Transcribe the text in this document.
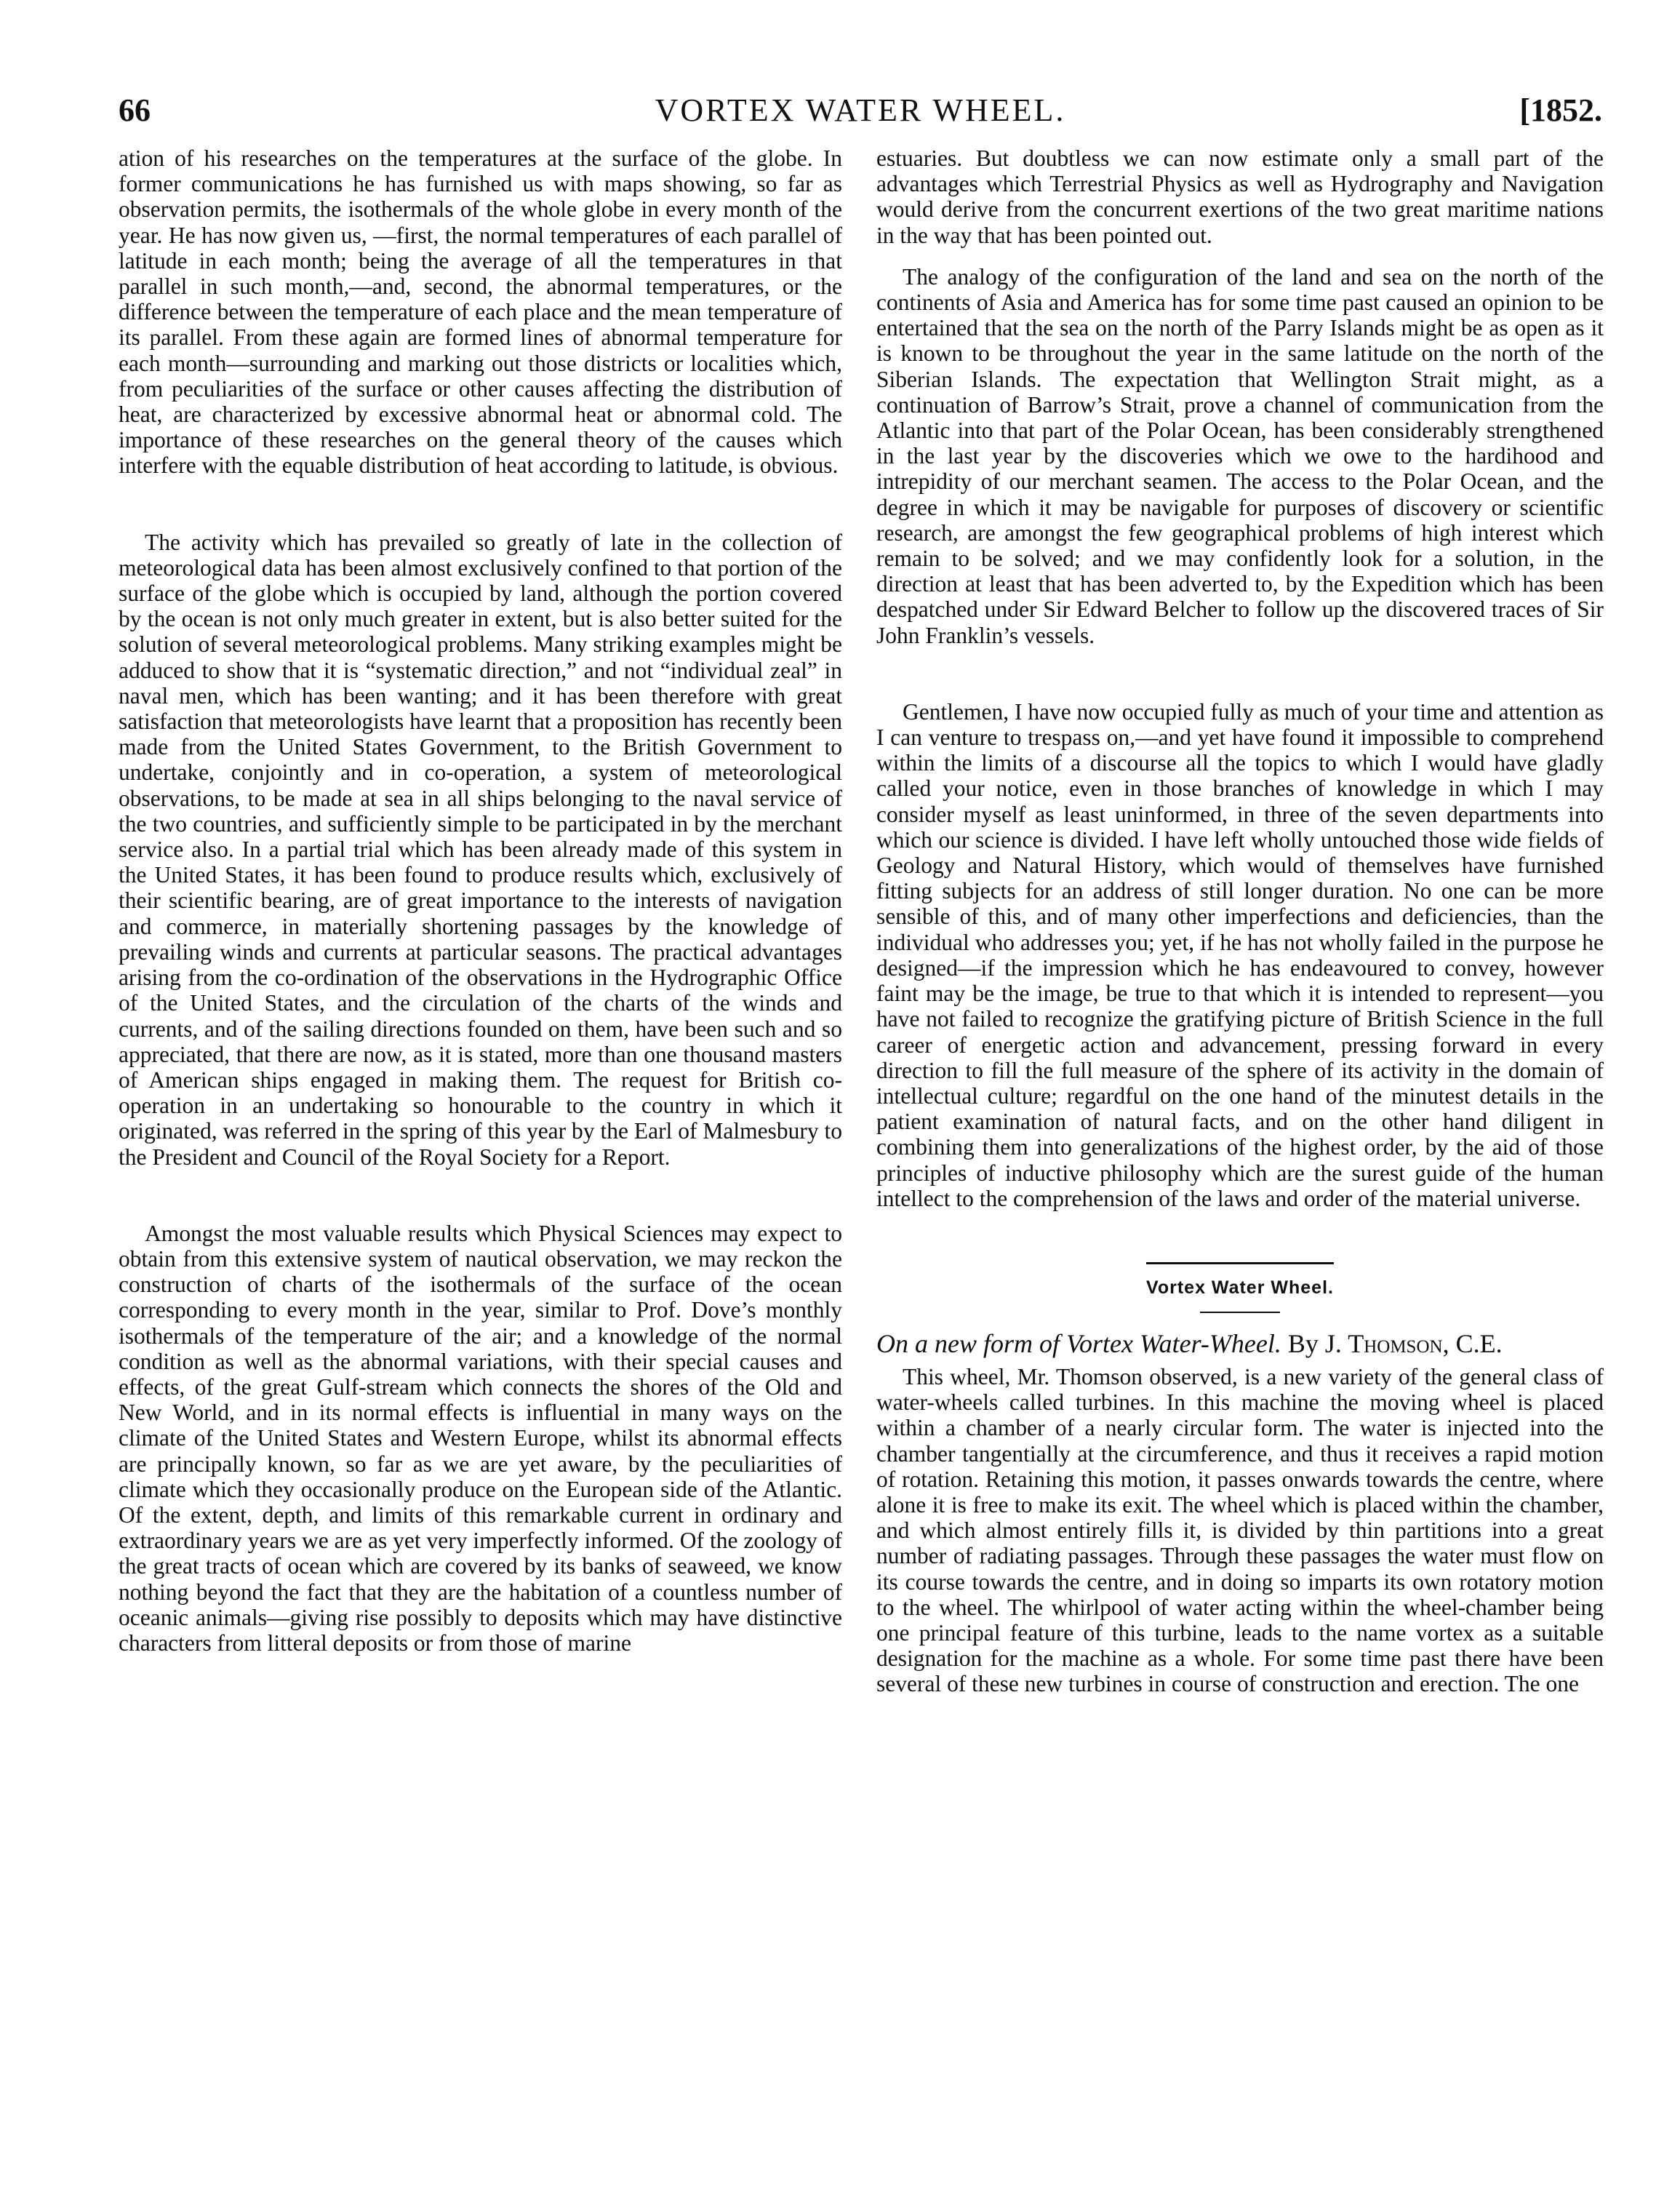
66	VORTEX WATER WHEEL.	[1852.

ation of his researches on the temperatures at the surface of the globe. In former communications he has furnished us with maps showing, so far as observation permits, the isothermals of the whole globe in every month of the year. He has now given us, —first, the normal temperatures of each parallel of latitude in each month; being the average of all the temperatures in that parallel in such month,—and, second, the abnormal temperatures, or the difference between the temperature of each place and the mean temperature of its parallel. From these again are formed lines of abnormal temperature for each month—surrounding and marking out those districts or localities which, from peculiarities of the surface or other causes affecting the distribution of heat, are characterized by excessive abnormal heat or abnormal cold. The importance of these researches on the general theory of the causes which interfere with the equable distribution of heat according to latitude, is obvious.

The activity which has prevailed so greatly of late in the collection of meteorological data has been almost exclusively confined to that portion of the surface of the globe which is occupied by land, although the portion covered by the ocean is not only much greater in extent, but is also better suited for the solution of several meteorological problems. Many striking examples might be adduced to show that it is “systematic direction,” and not “individual zeal” in naval men, which has been wanting; and it has been therefore with great satisfaction that meteorologists have learnt that a proposition has recently been made from the United States Government, to the British Government to undertake, conjointly and in co-operation, a system of meteorological observations, to be made at sea in all ships belonging to the naval service of the two countries, and sufficiently simple to be participated in by the merchant service also. In a partial trial which has been already made of this system in the United States, it has been found to produce results which, exclusively of their scientific bearing, are of great importance to the interests of navigation and commerce, in materially shortening passages by the knowledge of prevailing winds and currents at particular seasons. The practical advantages arising from the co-ordination of the observations in the Hydrographic Office of the United States, and the circulation of the charts of the winds and currents, and of the sailing directions founded on them, have been such and so appreciated, that there are now, as it is stated, more than one thousand masters of American ships engaged in making them. The request for British co-operation in an undertaking so honourable to the country in which it originated, was referred in the spring of this year by the Earl of Malmesbury to the President and Council of the Royal Society for a Report.

Amongst the most valuable results which Physical Sciences may expect to obtain from this extensive system of nautical observation, we may reckon the construction of charts of the isothermals of the surface of the ocean corresponding to every month in the year, similar to Prof. Dove’s monthly isothermals of the temperature of the air; and a knowledge of the normal condition as well as the abnormal variations, with their special causes and effects, of the great Gulf-stream which connects the shores of the Old and New World, and in its normal effects is influential in many ways on the climate of the United States and Western Europe, whilst its abnormal effects are principally known, so far as we are yet aware, by the peculiarities of climate which they occasionally produce on the European side of the Atlantic. Of the extent, depth, and limits of this remarkable current in ordinary and extraordinary years we are as yet very imperfectly informed. Of the zoology of the great tracts of ocean which are covered by its banks of seaweed, we know nothing beyond the fact that they are the habitation of a countless number of oceanic animals—giving rise possibly to deposits which may have distinctive characters from litteral deposits or from those of marine

estuaries. But doubtless we can now estimate only a small part of the advantages which Terrestrial Physics as well as Hydrography and Navigation would derive from the concurrent exertions of the two great maritime nations in the way that has been pointed out.

The analogy of the configuration of the land and sea on the north of the continents of Asia and America has for some time past caused an opinion to be entertained that the sea on the north of the Parry Islands might be as open as it is known to be throughout the year in the same latitude on the north of the Siberian Islands. The expectation that Wellington Strait might, as a continuation of Barrow’s Strait, prove a channel of communication from the Atlantic into that part of the Polar Ocean, has been considerably strengthened in the last year by the discoveries which we owe to the hardihood and intrepidity of our merchant seamen. The access to the Polar Ocean, and the degree in which it may be navigable for purposes of discovery or scientific research, are amongst the few geographical problems of high interest which remain to be solved; and we may confidently look for a solution, in the direction at least that has been adverted to, by the Expedition which has been despatched under Sir Edward Belcher to follow up the discovered traces of Sir John Franklin’s vessels.

Gentlemen, I have now occupied fully as much of your time and attention as I can venture to trespass on,—and yet have found it impossible to comprehend within the limits of a discourse all the topics to which I would have gladly called your notice, even in those branches of knowledge in which I may consider myself as least uninformed, in three of the seven departments into which our science is divided. I have left wholly untouched those wide fields of Geology and Natural History, which would of themselves have furnished fitting subjects for an address of still longer duration. No one can be more sensible of this, and of many other imperfections and deficiencies, than the individual who addresses you; yet, if he has not wholly failed in the purpose he designed—if the impression which he has endeavoured to convey, however faint may be the image, be true to that which it is intended to represent—you have not failed to recognize the gratifying picture of British Science in the full career of energetic action and advancement, pressing forward in every direction to fill the full measure of the sphere of its activity in the domain of intellectual culture; regardful on the one hand of the minutest details in the patient examination of natural facts, and on the other hand diligent in combining them into generalizations of the highest order, by the aid of those principles of inductive philosophy which are the surest guide of the human intellect to the comprehension of the laws and order of the material universe.

Vortex Water Wheel.

On a new form of Vortex Water-Wheel. By J. Thomson, C.E.

This wheel, Mr. Thomson observed, is a new variety of the general class of water-wheels called turbines. In this machine the moving wheel is placed within a chamber of a nearly circular form. The water is injected into the chamber tangentially at the circumference, and thus it receives a rapid motion of rotation. Retaining this motion, it passes onwards towards the centre, where alone it is free to make its exit. The wheel which is placed within the chamber, and which almost entirely fills it, is divided by thin partitions into a great number of radiating passages. Through these passages the water must flow on its course towards the centre, and in doing so imparts its own rotatory motion to the wheel. The whirlpool of water acting within the wheel-chamber being one principal feature of this turbine, leads to the name vortex as a suitable designation for the machine as a whole. For some time past there have been several of these new turbines in course of construction and erection. The one
